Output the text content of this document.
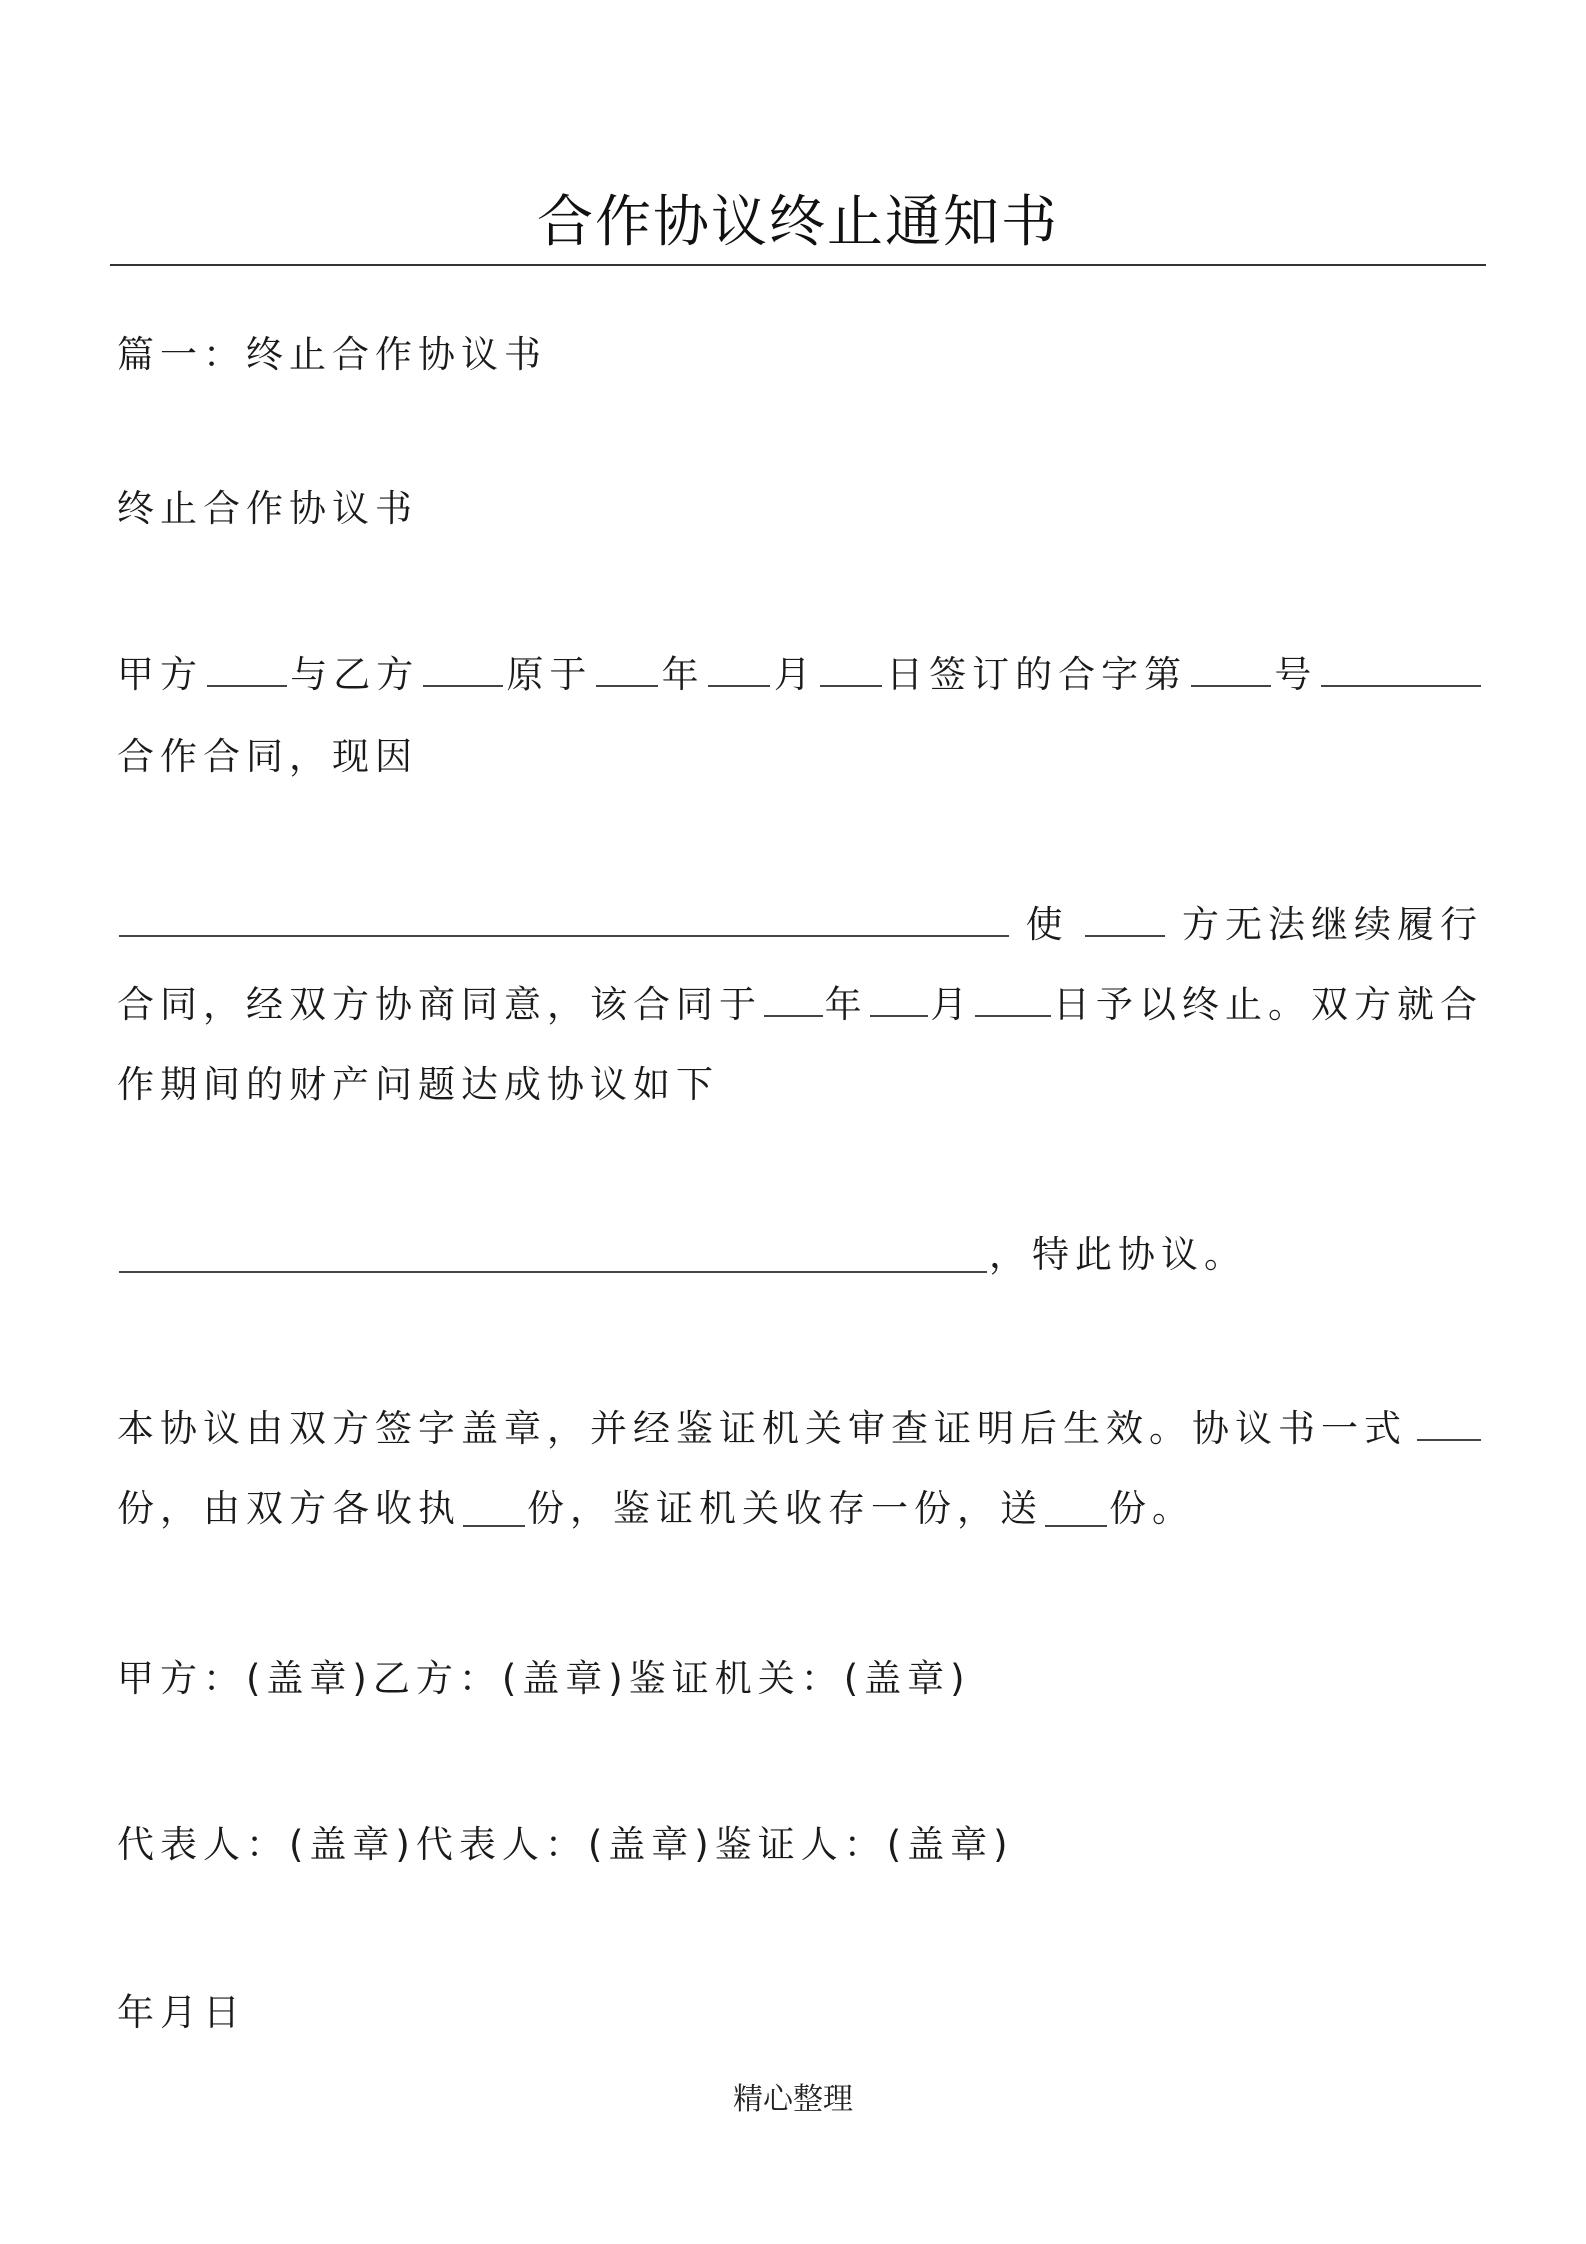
合作协议终止通知书
篇一：终止合作协议书
终止合作协议书
甲方 与乙方 原于 年 月 日签订的合字第 号
合作合同，现因
使	方无法继续履行
合同，经双方协商同意，该合同于 年 月 日予以终止。双方就合
作期间的财产问题达成协议如下
，特此协议。
本协议由双方签字盖章，并经鉴证机关审查证明后生效。协议书一式
份，由双方各收执 份，鉴证机关收存一份，送 份。
甲方：(盖章)乙方：(盖章)鉴证机关：(盖章)
代表人：(盖章)代表人：(盖章)鉴证人：(盖章)
年月日
精心整理
